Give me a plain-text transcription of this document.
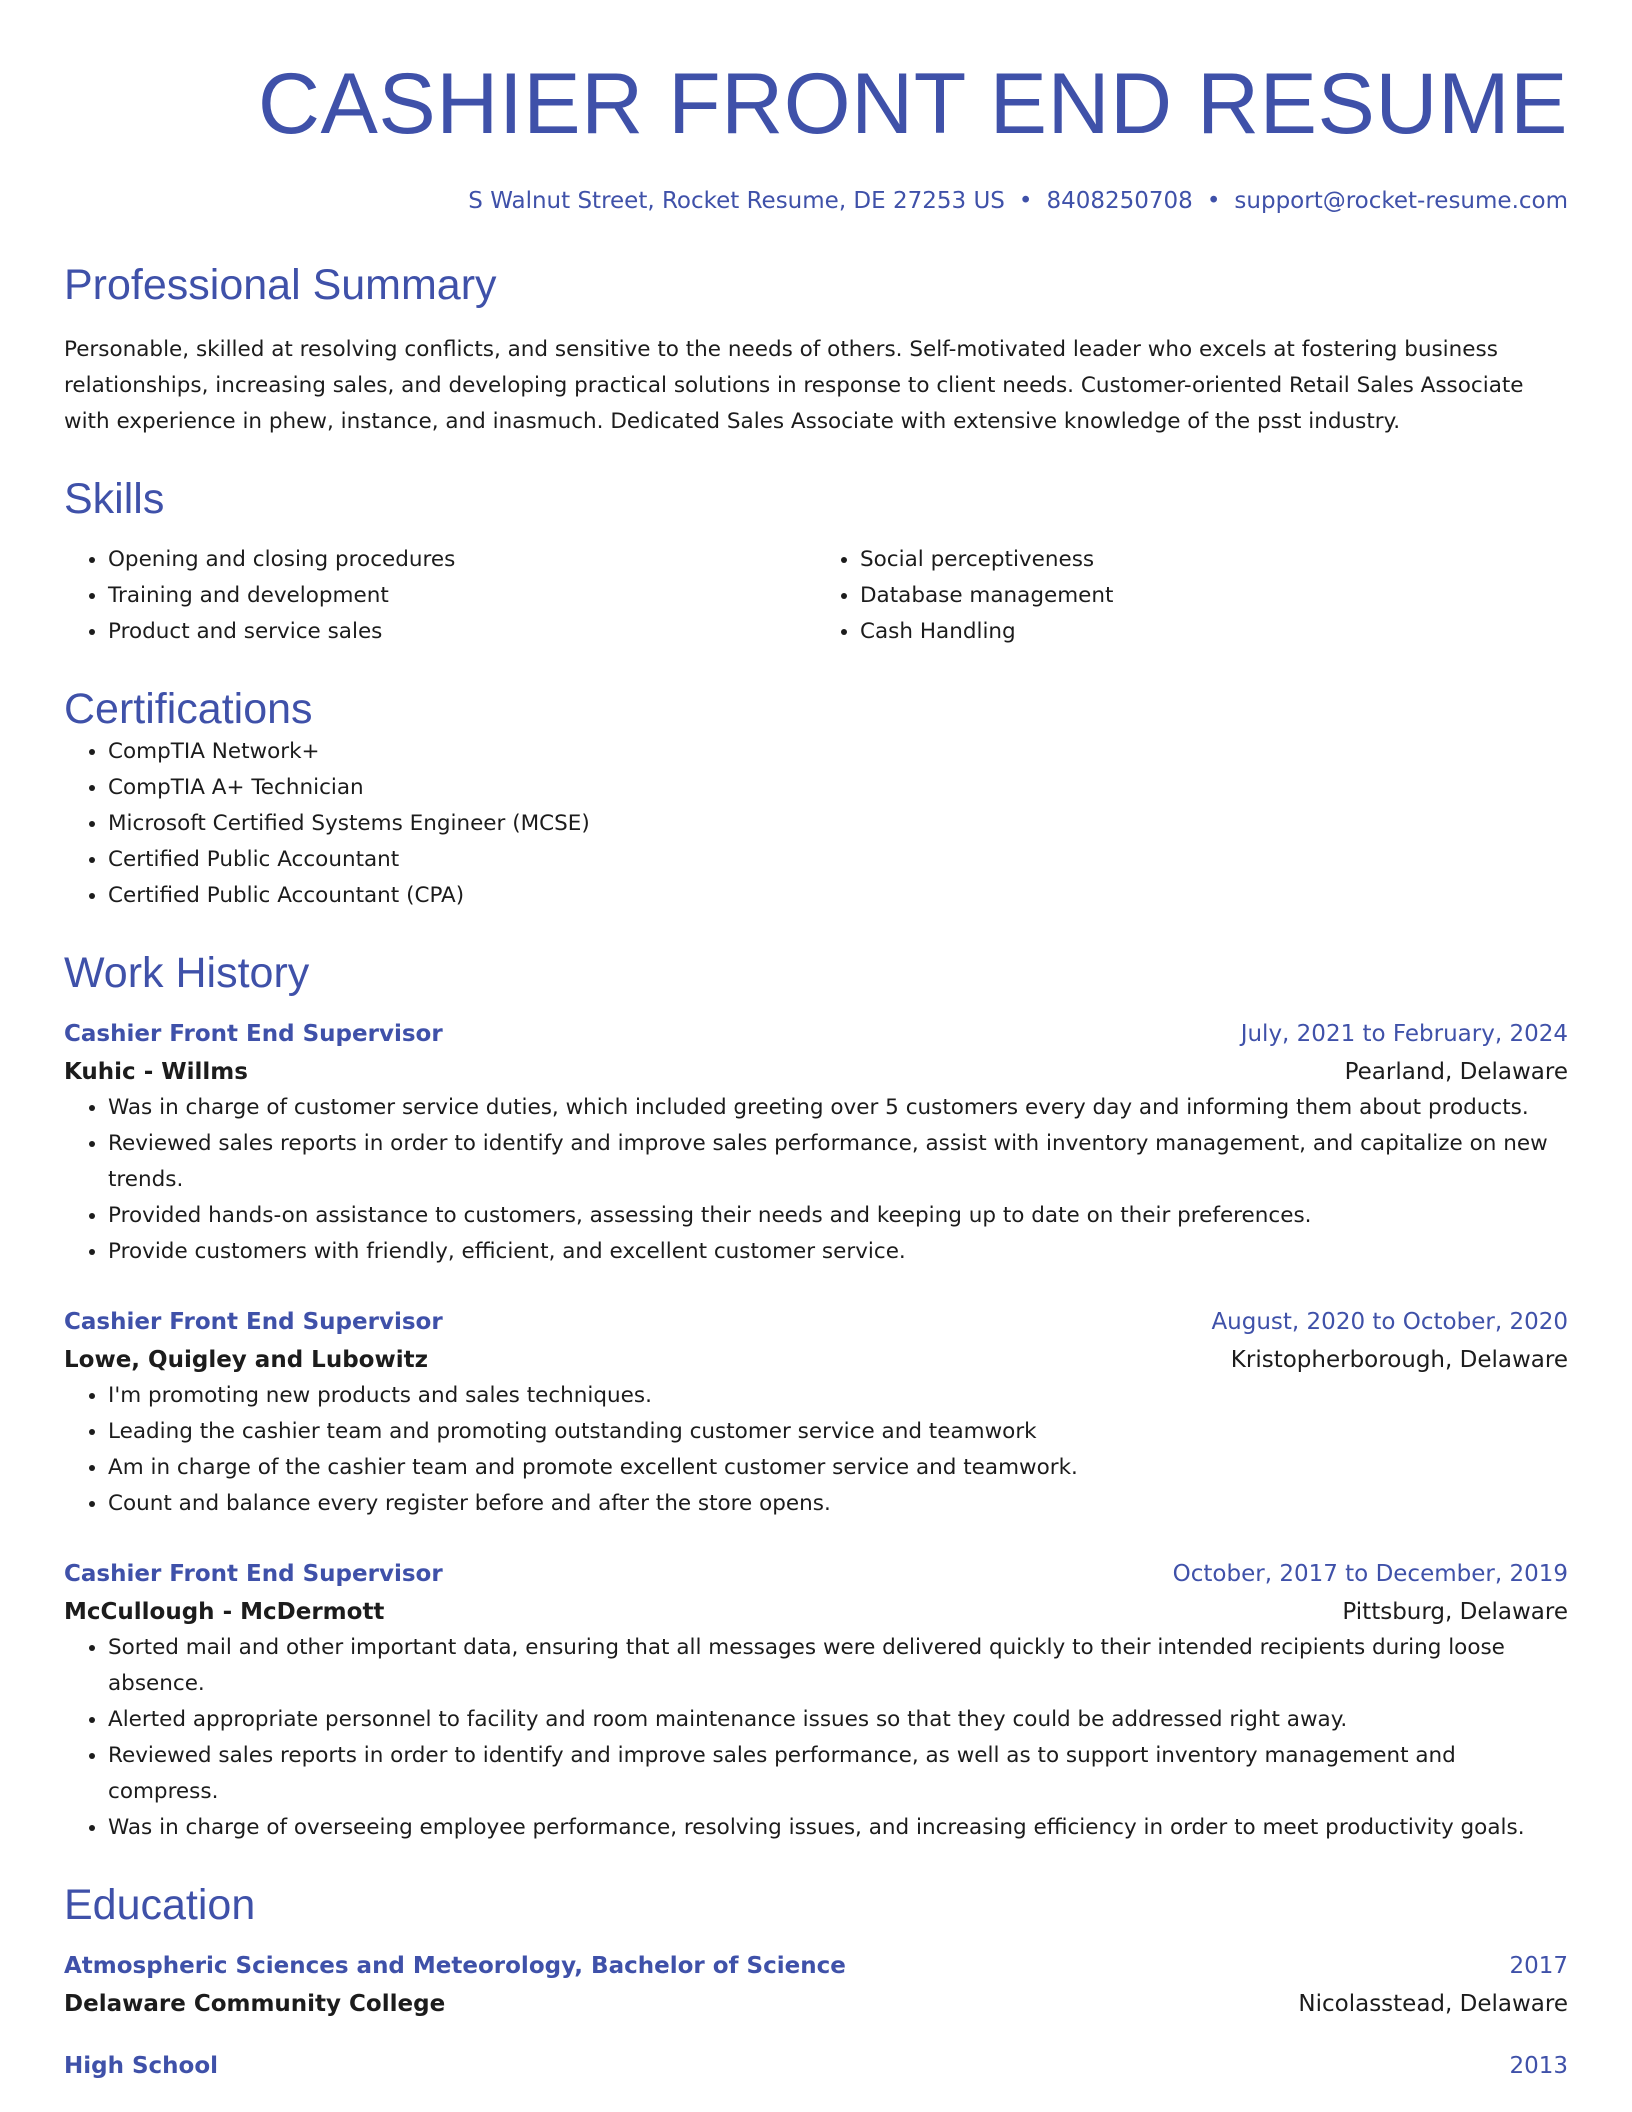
CASHIER FRONT END RESUME
S Walnut Street, Rocket Resume, DE 27253 US • 8408250708 • support@rocket-resume.com
Professional Summary

Personable, skilled at resolving conflicts, and sensitive to the needs of others. Self-motivated leader who excels at fostering business relationships, increasing sales, and developing practical solutions in response to client needs. Customer-oriented Retail Sales Associate with experience in phew, instance, and inasmuch. Dedicated Sales Associate with extensive knowledge of the psst industry.

Skills
• Opening and closing procedures
• Training and development
• Product and service sales
• Social perceptiveness
• Database management
• Cash Handling
Certifications
• CompTIA Network+
• CompTIA A+ Technician
• Microsoft Certified Systems Engineer (MCSE)
• Certified Public Accountant
• Certified Public Accountant (CPA)
Work History
Cashier Front End Supervisor	July, 2021 to February, 2024
Kuhic - Willms	Pearland, Delaware
• Was in charge of customer service duties, which included greeting over 5 customers every day and informing them about products.
• Reviewed sales reports in order to identify and improve sales performance, assist with inventory management, and capitalize on new trends.
• Provided hands-on assistance to customers, assessing their needs and keeping up to date on their preferences.
• Provide customers with friendly, efficient, and excellent customer service.
Cashier Front End Supervisor	August, 2020 to October, 2020
Lowe, Quigley and Lubowitz	Kristopherborough, Delaware
• I'm promoting new products and sales techniques.
• Leading the cashier team and promoting outstanding customer service and teamwork
• Am in charge of the cashier team and promote excellent customer service and teamwork.
• Count and balance every register before and after the store opens.
Cashier Front End Supervisor	October, 2017 to December, 2019
McCullough - McDermott	Pittsburg, Delaware
• Sorted mail and other important data, ensuring that all messages were delivered quickly to their intended recipients during loose absence.
• Alerted appropriate personnel to facility and room maintenance issues so that they could be addressed right away.
• Reviewed sales reports in order to identify and improve sales performance, as well as to support inventory management and compress.
• Was in charge of overseeing employee performance, resolving issues, and increasing efficiency in order to meet productivity goals.
Education
Atmospheric Sciences and Meteorology, Bachelor of Science	2017
Delaware Community College	Nicolasstead, Delaware
High School	2013
